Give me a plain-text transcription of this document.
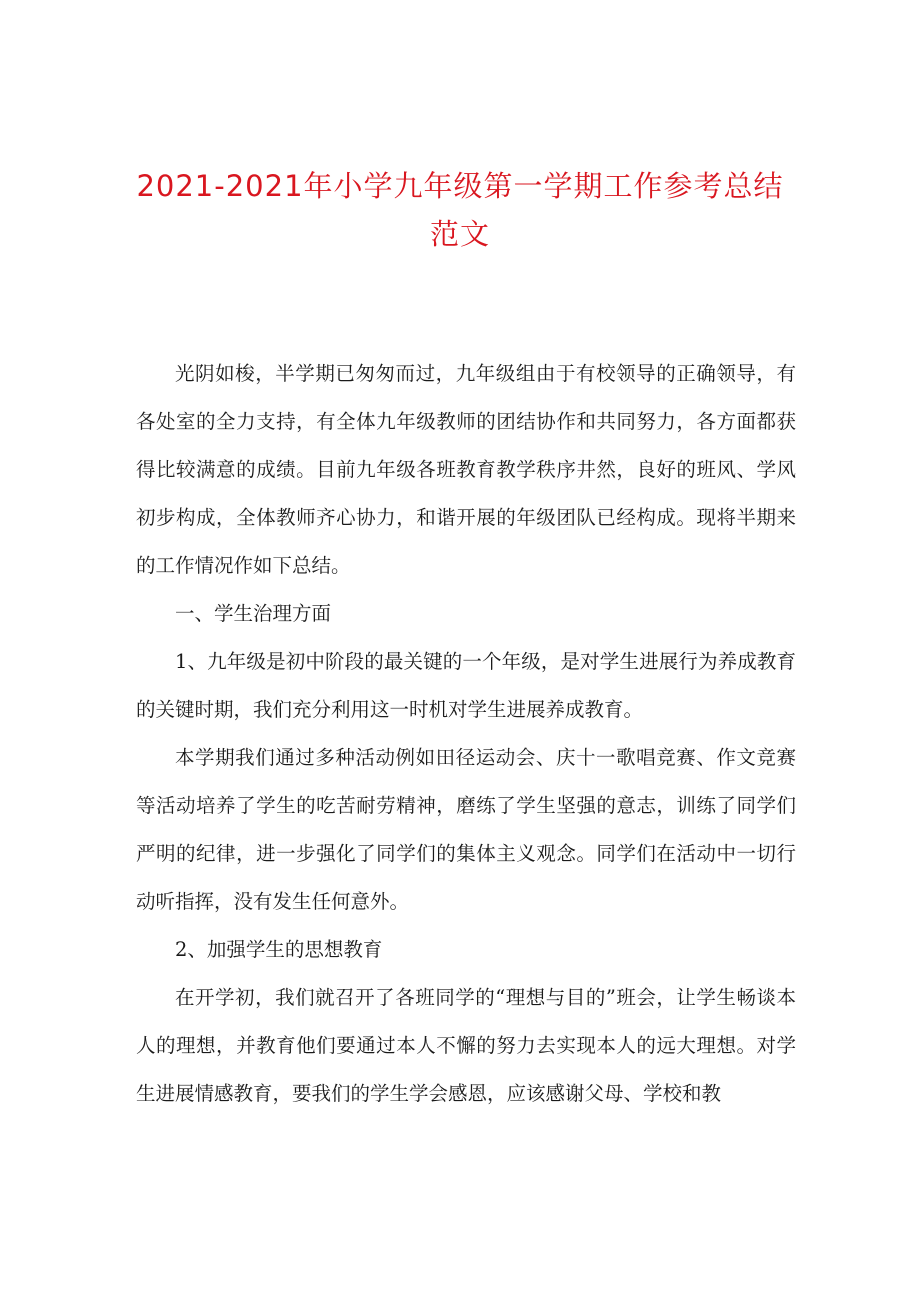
2021-2021年小学九年级第一学期工作参考总结范文

光阴如梭，半学期已匆匆而过，九年级组由于有校领导的正确领导，有各处室的全力支持，有全体九年级教师的团结协作和共同努力，各方面都获得比较满意的成绩。目前九年级各班教育教学秩序井然，良好的班风、学风初步构成，全体教师齐心协力，和谐开展的年级团队已经构成。现将半期来的工作情况作如下总结。

一、学生治理方面

1、九年级是初中阶段的最关键的一个年级，是对学生进展行为养成教育的关键时期，我们充分利用这一时机对学生进展养成教育。

本学期我们通过多种活动例如田径运动会、庆十一歌唱竞赛、作文竞赛等活动培养了学生的吃苦耐劳精神，磨练了学生坚强的意志，训练了同学们严明的纪律，进一步强化了同学们的集体主义观念。同学们在活动中一切行动听指挥，没有发生任何意外。

2、加强学生的思想教育

在开学初，我们就召开了各班同学的“理想与目的”班会，让学生畅谈本人的理想，并教育他们要通过本人不懈的努力去实现本人的远大理想。对学生进展情感教育，要我们的学生学会感恩，应该感谢父母、学校和教
